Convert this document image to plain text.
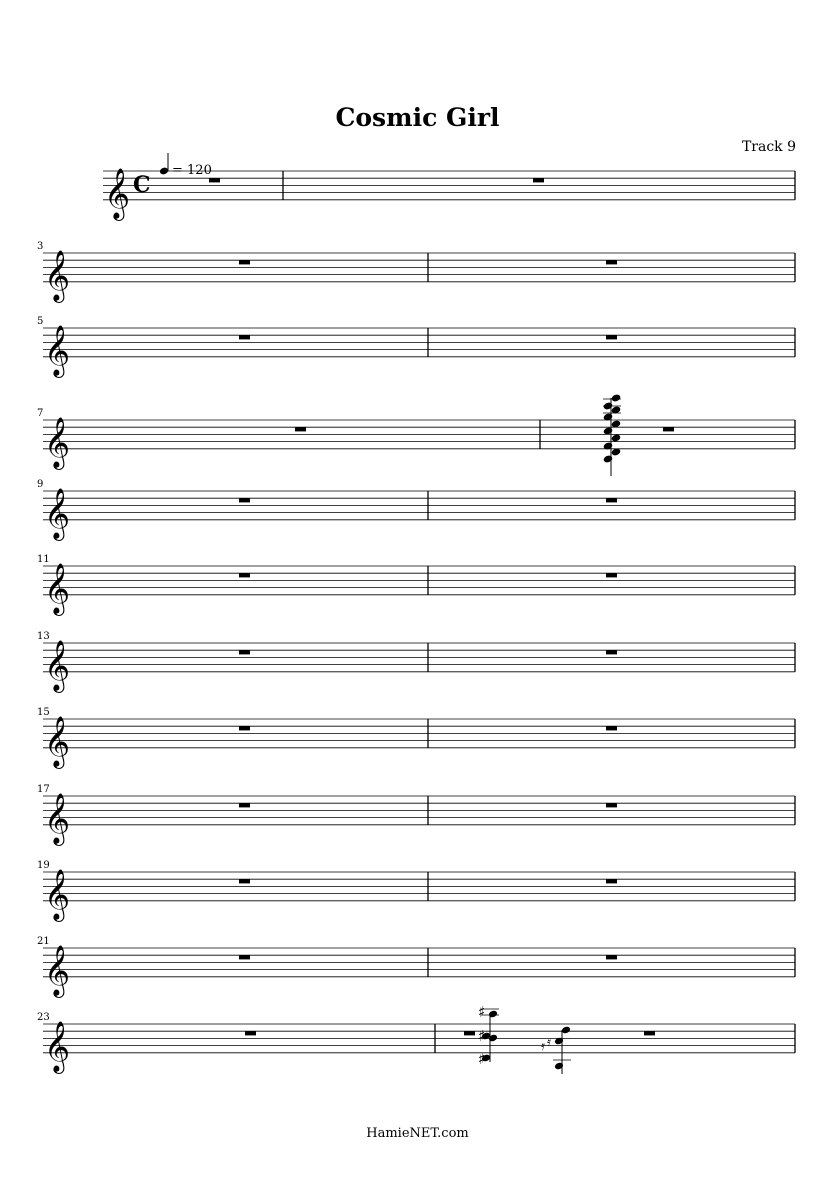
Cosmic Girl
Track 9
HamieNET.com
𝄞 C
𝄞
3
𝄞
5
𝄞
7
𝄞
9
𝄞
11
𝄞
13
𝄞
15
𝄞
17
𝄞
19
𝄞
21
𝄞
23	♯
♯
♯
𝄿 𝄿
= 120
